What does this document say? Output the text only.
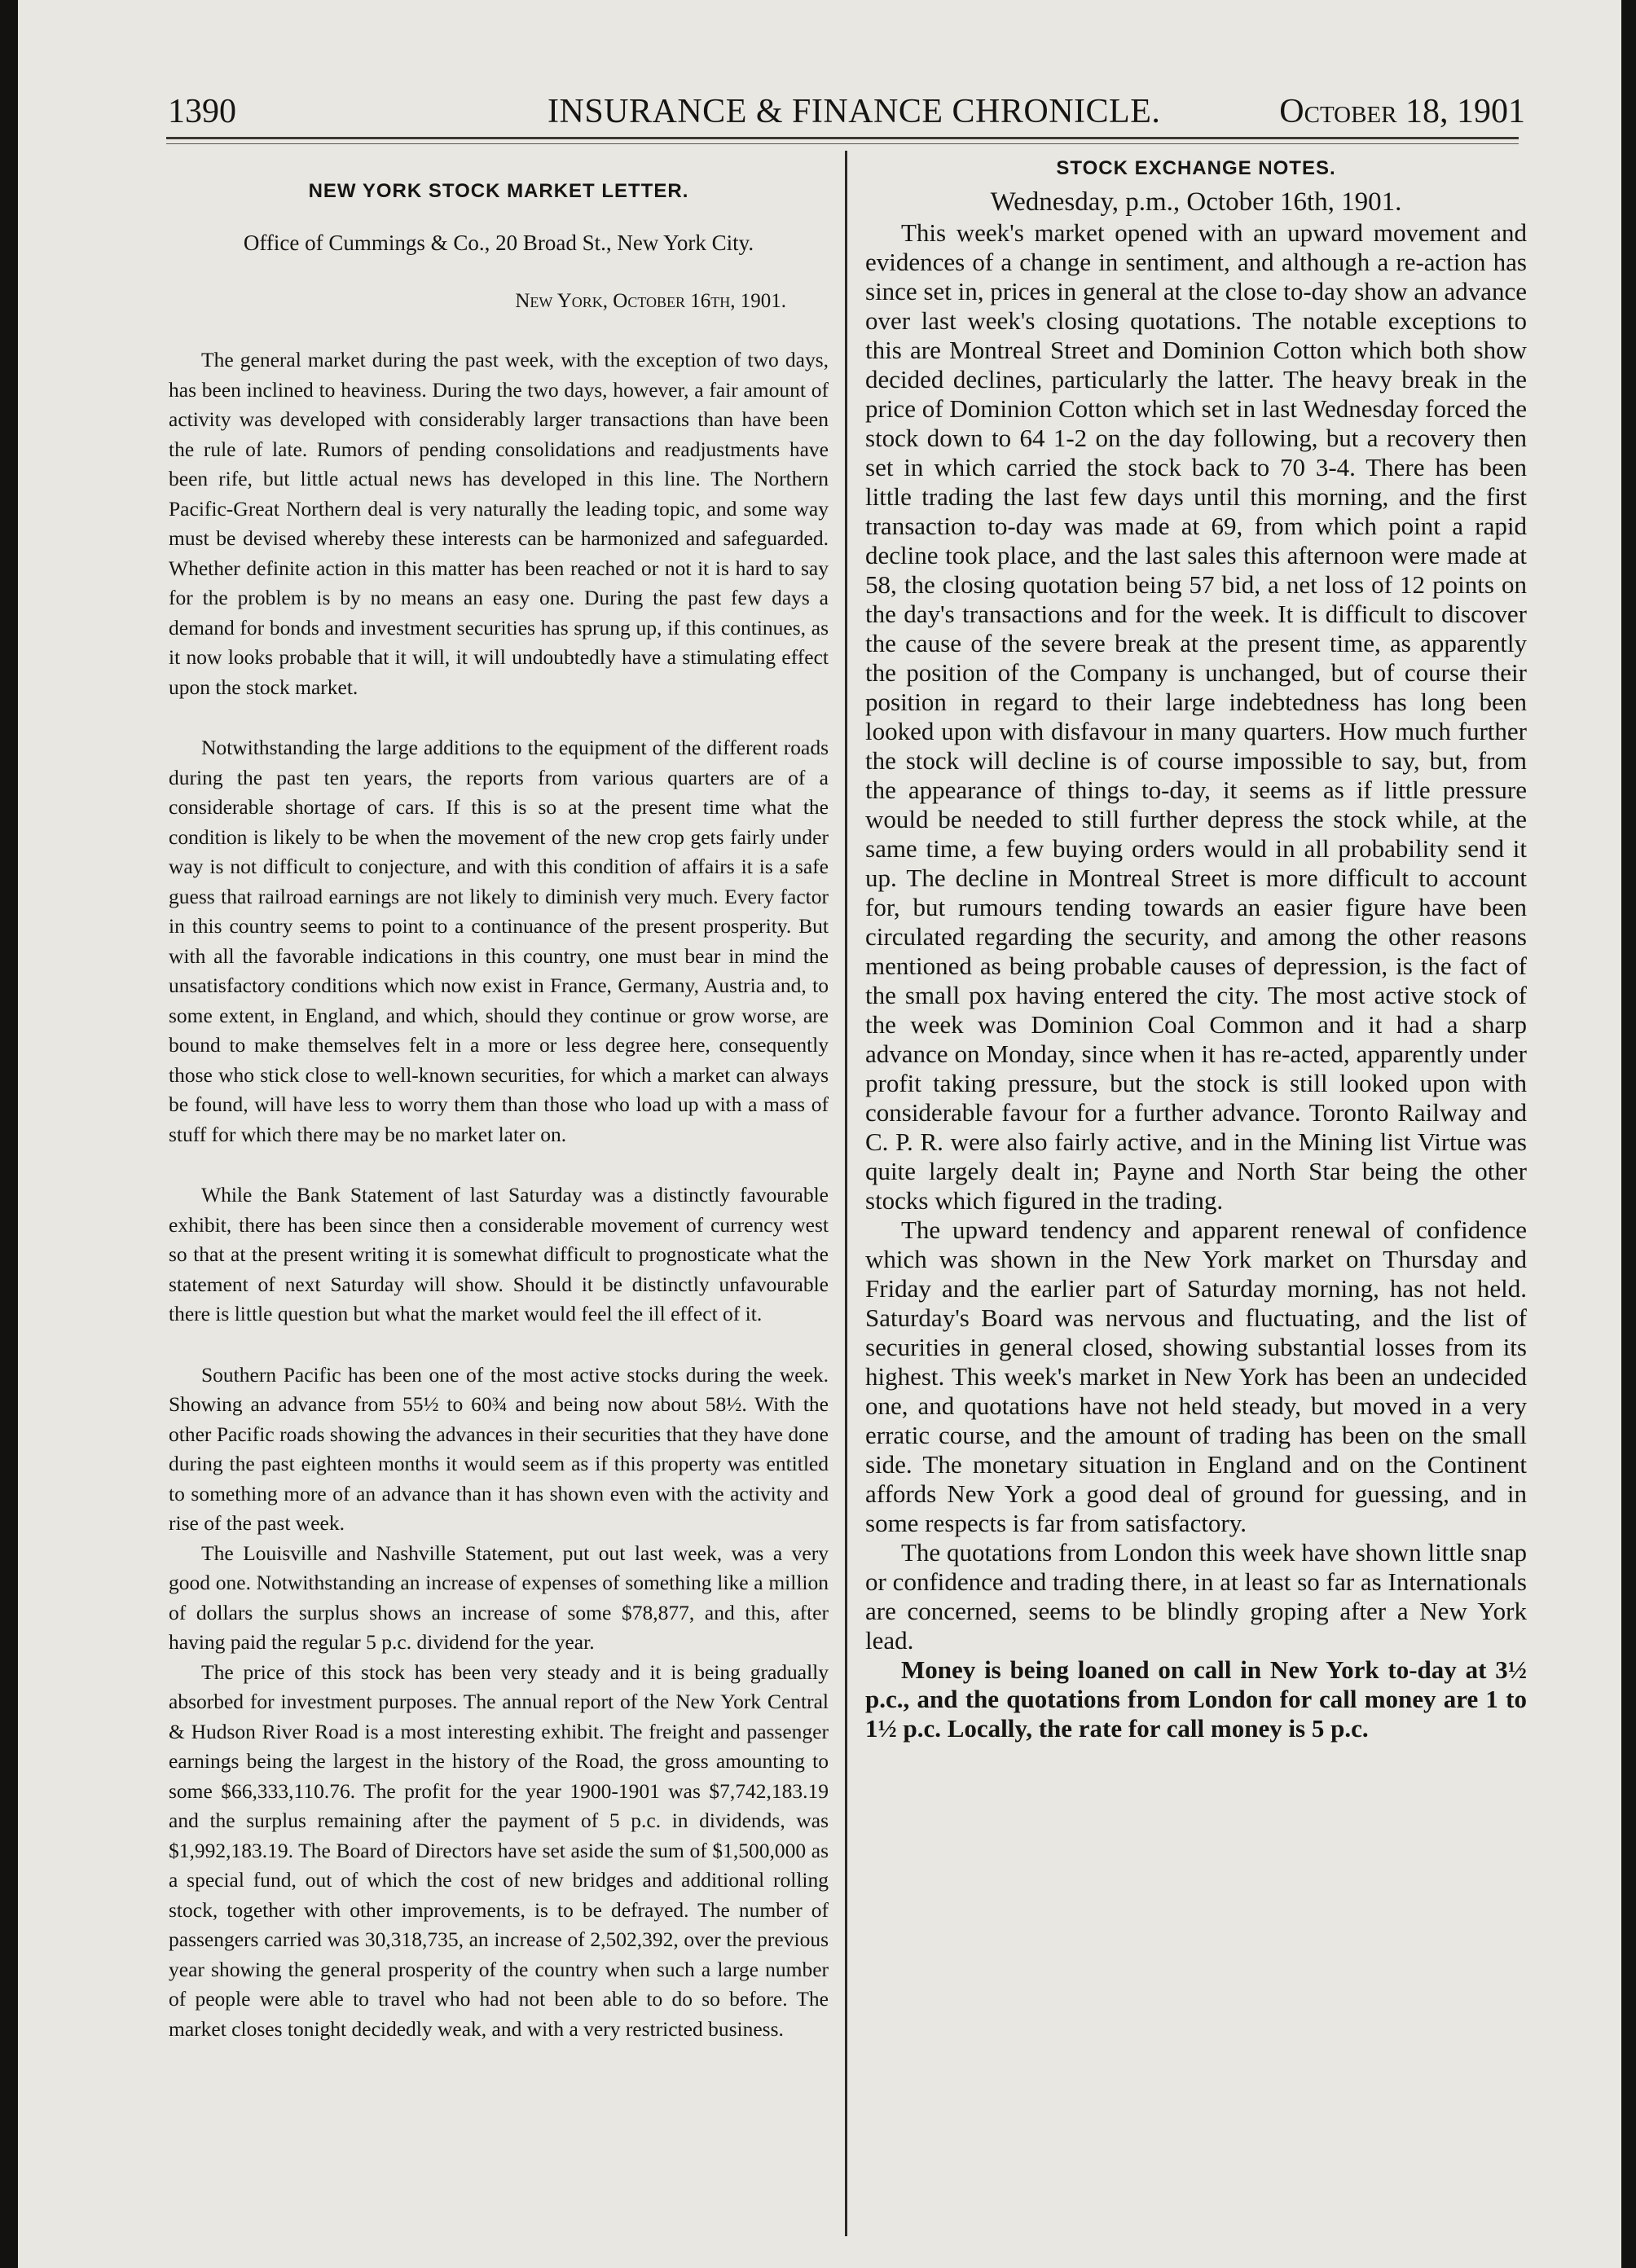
1390	INSURANCE & FINANCE CHRONICLE.	October 18, 1901
NEW YORK STOCK MARKET LETTER.
Office of Cummings & Co., 20 Broad St., New York City.
New York, October 16th, 1901.

The general market during the past week, with the exception of two days, has been inclined to heaviness. During the two days, however, a fair amount of activity was developed with considerably larger transactions than have been the rule of late. Rumors of pending consolidations and readjustments have been rife, but little actual news has developed in this line. The Northern Pacific-Great Northern deal is very naturally the leading topic, and some way must be devised whereby these interests can be harmonized and safeguarded. Whether definite action in this matter has been reached or not it is hard to say for the problem is by no means an easy one. During the past few days a demand for bonds and investment securities has sprung up, if this continues, as it now looks probable that it will, it will undoubtedly have a stimulating effect upon the stock market.

Notwithstanding the large additions to the equipment of the different roads during the past ten years, the reports from various quarters are of a considerable shortage of cars. If this is so at the present time what the condition is likely to be when the movement of the new crop gets fairly under way is not difficult to conjecture, and with this condition of affairs it is a safe guess that railroad earnings are not likely to diminish very much. Every factor in this country seems to point to a continuance of the present prosperity. But with all the favorable indications in this country, one must bear in mind the unsatisfactory conditions which now exist in France, Germany, Austria and, to some extent, in England, and which, should they continue or grow worse, are bound to make themselves felt in a more or less degree here, consequently those who stick close to well-known securities, for which a market can always be found, will have less to worry them than those who load up with a mass of stuff for which there may be no market later on.

While the Bank Statement of last Saturday was a distinctly favourable exhibit, there has been since then a considerable movement of currency west so that at the present writing it is somewhat difficult to prognosticate what the statement of next Saturday will show. Should it be distinctly unfavourable there is little question but what the market would feel the ill effect of it.

Southern Pacific has been one of the most active stocks during the week. Showing an advance from 55½ to 60¾ and being now about 58½. With the other Pacific roads showing the advances in their securities that they have done during the past eighteen months it would seem as if this property was entitled to something more of an advance than it has shown even with the activity and rise of the past week.

The Louisville and Nashville Statement, put out last week, was a very good one. Notwithstanding an increase of expenses of something like a million of dollars the surplus shows an increase of some $78,877, and this, after having paid the regular 5 p.c. dividend for the year.

The price of this stock has been very steady and it is being gradually absorbed for investment purposes. The annual report of the New York Central & Hudson River Road is a most interesting exhibit. The freight and passenger earnings being the largest in the history of the Road, the gross amounting to some $66,333,110.76. The profit for the year 1900-1901 was $7,742,183.19 and the surplus remaining after the payment of 5 p.c. in dividends, was $1,992,183.19. The Board of Directors have set aside the sum of $1,500,000 as a special fund, out of which the cost of new bridges and additional rolling stock, together with other improvements, is to be defrayed. The number of passengers carried was 30,318,735, an increase of 2,502,392, over the previous year showing the general prosperity of the country when such a large number of people were able to travel who had not been able to do so before. The market closes tonight decidedly weak, and with a very restricted business.

STOCK EXCHANGE NOTES.
Wednesday, p.m., October 16th, 1901.

This week's market opened with an upward movement and evidences of a change in sentiment, and although a re-action has since set in, prices in general at the close to-day show an advance over last week's closing quotations. The notable exceptions to this are Montreal Street and Dominion Cotton which both show decided declines, particularly the latter. The heavy break in the price of Dominion Cotton which set in last Wednesday forced the stock down to 64 1-2 on the day following, but a recovery then set in which carried the stock back to 70 3-4. There has been little trading the last few days until this morning, and the first transaction to-day was made at 69, from which point a rapid decline took place, and the last sales this afternoon were made at 58, the closing quotation being 57 bid, a net loss of 12 points on the day's transactions and for the week. It is difficult to discover the cause of the severe break at the present time, as apparently the position of the Company is unchanged, but of course their position in regard to their large indebtedness has long been looked upon with disfavour in many quarters. How much further the stock will decline is of course impossible to say, but, from the appearance of things to-day, it seems as if little pressure would be needed to still further depress the stock while, at the same time, a few buying orders would in all probability send it up. The decline in Montreal Street is more difficult to account for, but rumours tending towards an easier figure have been circulated regarding the security, and among the other reasons mentioned as being probable causes of depression, is the fact of the small pox having entered the city. The most active stock of the week was Dominion Coal Common and it had a sharp advance on Monday, since when it has re-acted, apparently under profit taking pressure, but the stock is still looked upon with considerable favour for a further advance. Toronto Railway and C. P. R. were also fairly active, and in the Mining list Virtue was quite largely dealt in; Payne and North Star being the other stocks which figured in the trading.

The upward tendency and apparent renewal of confidence which was shown in the New York market on Thursday and Friday and the earlier part of Saturday morning, has not held. Saturday's Board was nervous and fluctuating, and the list of securities in general closed, showing substantial losses from its highest. This week's market in New York has been an undecided one, and quotations have not held steady, but moved in a very erratic course, and the amount of trading has been on the small side. The monetary situation in England and on the Continent affords New York a good deal of ground for guessing, and in some respects is far from satisfactory.

The quotations from London this week have shown little snap or confidence and trading there, in at least so far as Internationals are concerned, seems to be blindly groping after a New York lead.

Money is being loaned on call in New York to-day at 3½ p.c., and the quotations from London for call money are 1 to 1½ p.c. Locally, the rate for call money is 5 p.c.
